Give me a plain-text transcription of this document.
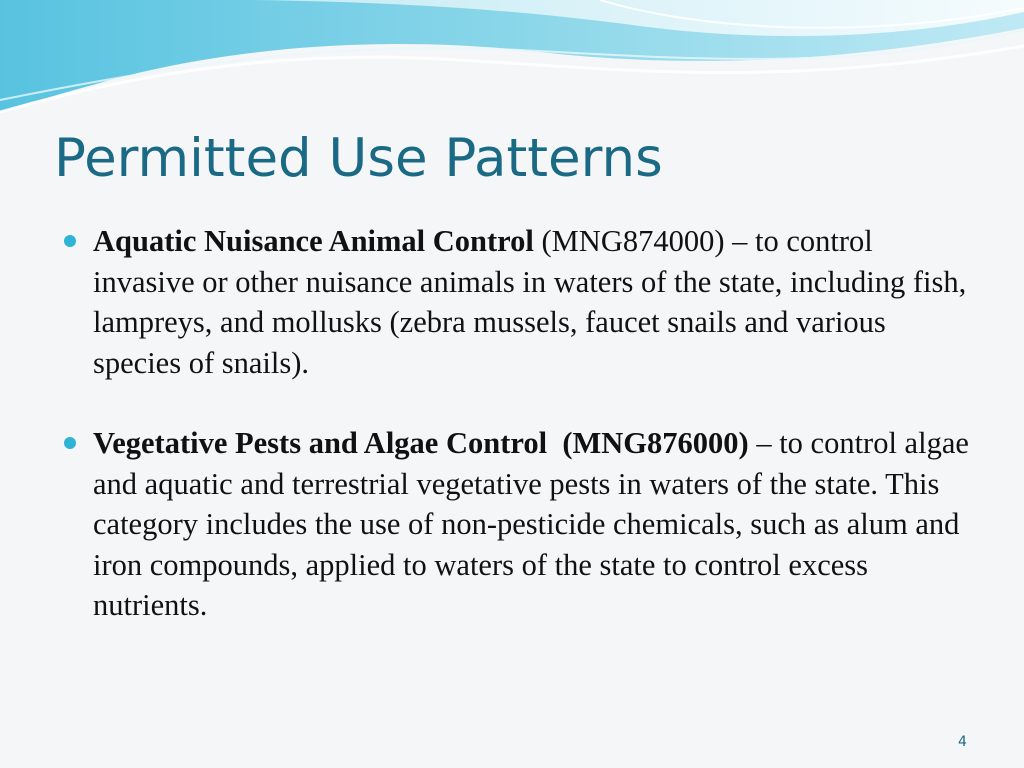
Permitted Use Patterns
Aquatic Nuisance Animal Control (MNG874000) – to control invasive or other nuisance animals in waters of the state, including fish, lampreys, and mollusks (zebra mussels, faucet snails and various species of snails).
Vegetative Pests and Algae Control (MNG876000) – to control algae and aquatic and terrestrial vegetative pests in waters of the state. This category includes the use of non-pesticide chemicals, such as alum and iron compounds, applied to waters of the state to control excess nutrients.
4
